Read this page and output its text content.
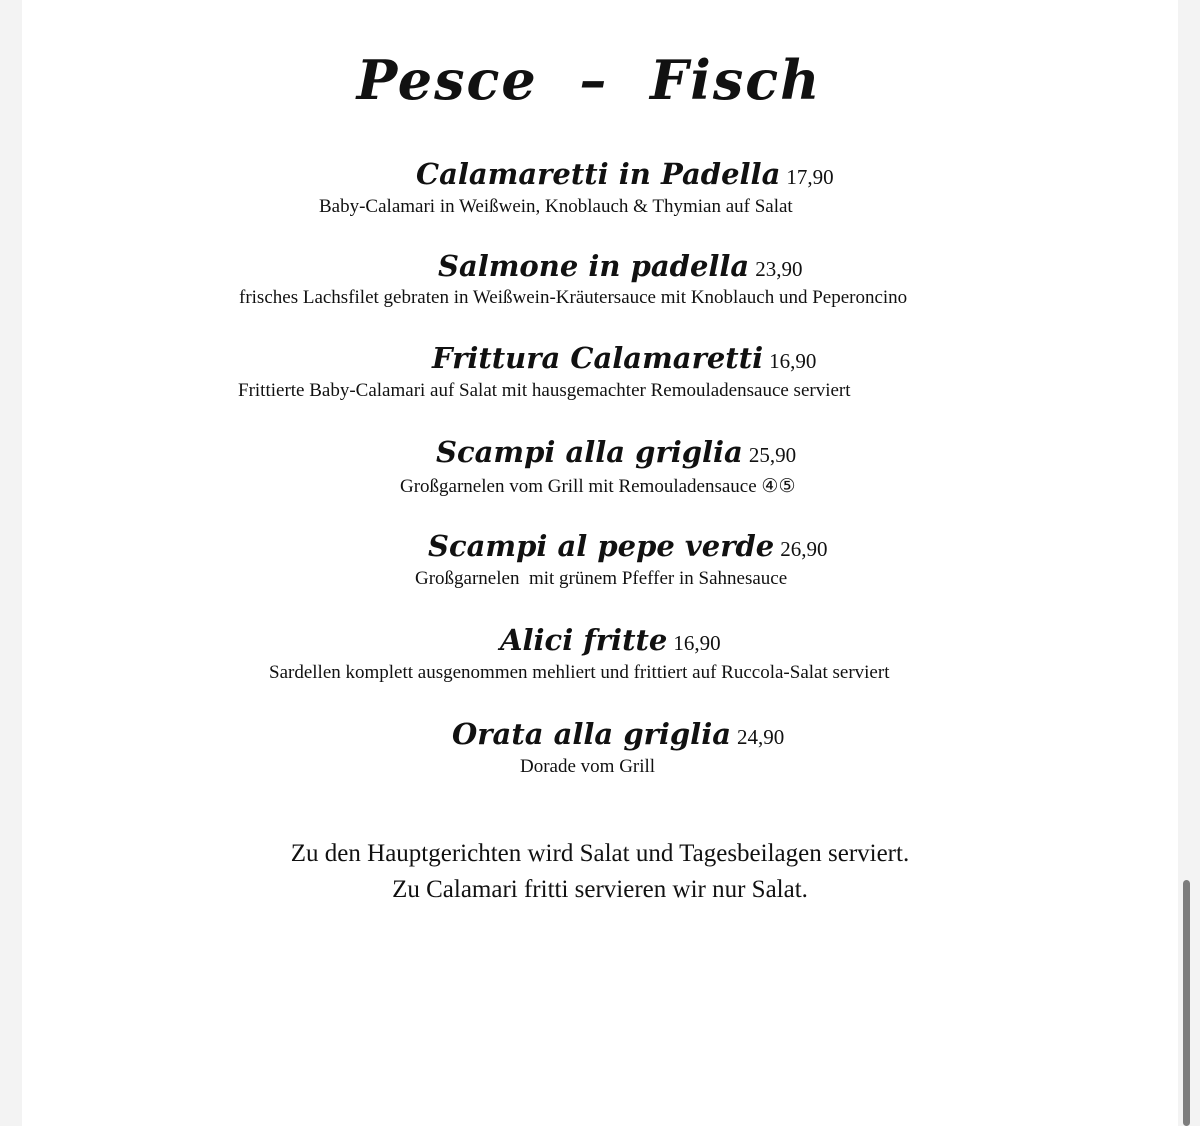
Pesce  –  Fisch
Calamaretti in Padella 17,90
Baby-Calamari in Weißwein, Knoblauch & Thymian auf Salat
Salmone in padella 23,90
frisches Lachsfilet gebraten in Weißwein-Kräutersauce mit Knoblauch und Peperoncino
Frittura Calamaretti 16,90
Frittierte Baby-Calamari auf Salat mit hausgemachter Remouladensauce serviert
Scampi alla griglia 25,90
Großgarnelen vom Grill mit Remouladensauce ④⑤
Scampi al pepe verde 26,90
Großgarnelen  mit grünem Pfeffer in Sahnesauce
Alici fritte 16,90
Sardellen komplett ausgenommen mehliert und frittiert auf Ruccola-Salat serviert
Orata alla griglia 24,90
Dorade vom Grill
Zu den Hauptgerichten wird Salat und Tagesbeilagen serviert.
Zu Calamari fritti servieren wir nur Salat.
